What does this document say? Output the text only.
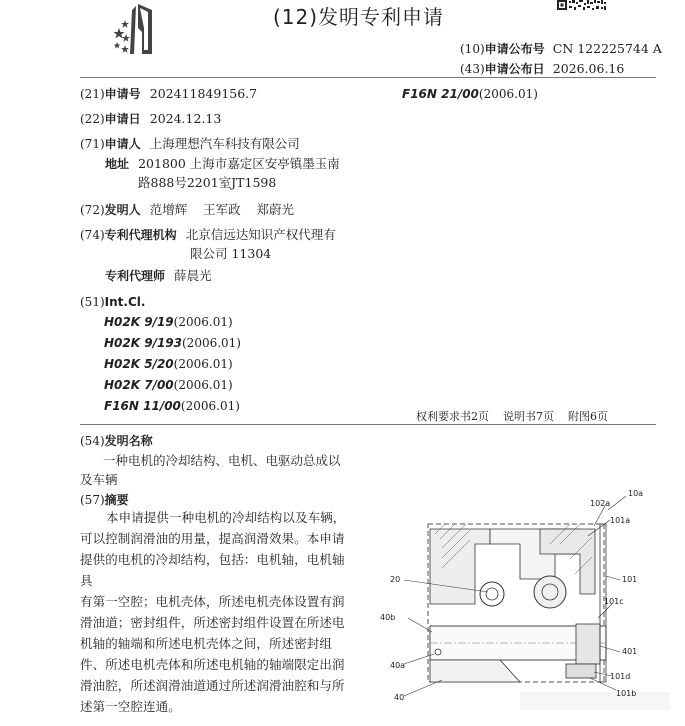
(12)发明专利申请
(10)申请公布号 CN 122225744 A
(43)申请公布日 2026.06.16
(21)申请号 202411849156.7
(22)申请日 2024.12.13
(71)申请人 上海理想汽车科技有限公司
地址 201800 上海市嘉定区安亭镇墨玉南
路888号2201室JT1598
(72)发明人 范增辉    王军政    郑蔚光
(74)专利代理机构 北京信远达知识产权代理有
限公司 11304
专利代理师 薛晨光
(51)Int.Cl.
H02K 9/19(2006.01)
H02K 9/193(2006.01)
H02K 5/20(2006.01)
H02K 7/00(2006.01)
F16N 11/00(2006.01)
F16N 21/00(2006.01)
权利要求书2页    说明书7页    附图6页
(54)发明名称
一种电机的冷却结构、电机、电驱动总成以
及车辆
(57)摘要
本申请提供一种电机的冷却结构以及车辆，
可以控制润滑油的用量，提高润滑效果。本申请
提供的电机的冷却结构，包括：电机轴，电机轴具
有第一空腔；电机壳体，所述电机壳体设置有润
滑油道；密封组件，所述密封组件设置在所述电
机轴的轴端和所述电机壳体之间，所述密封组
件、所述电机壳体和所述电机轴的轴端限定出润
滑油腔，所述润滑油道通过所述润滑油腔和与所
述第一空腔连通。
10a
102a
101a
20	101
101c
40b
401
40a
101d
40	101b
